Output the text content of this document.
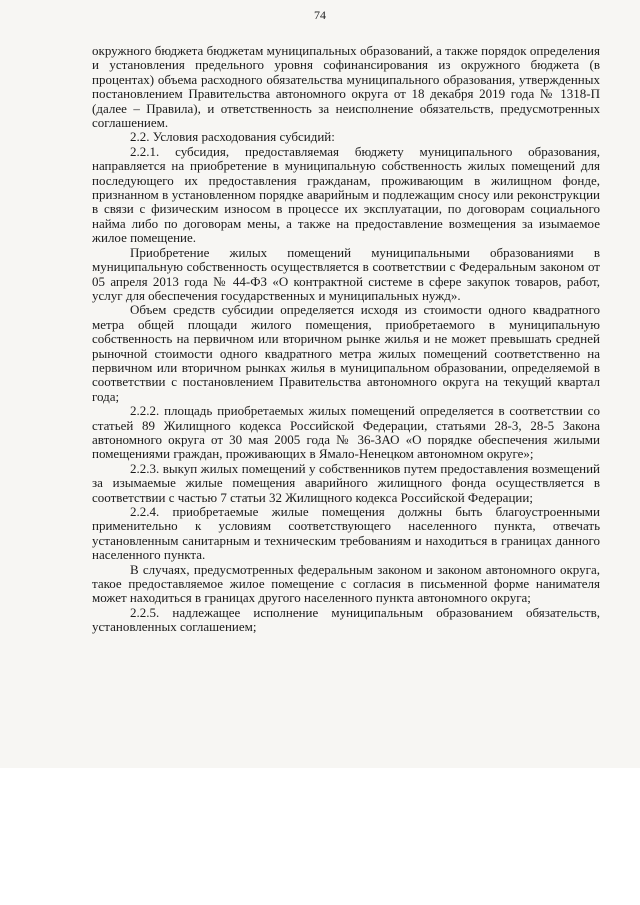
74

окружного бюджета бюджетам муниципальных образований, а также порядок определения и установления предельного уровня софинансирования из окружного бюджета (в процентах) объема расходного обязательства муниципального образования, утвержденных постановлением Правительства автономного округа от 18 декабря 2019 года № 1318-П (далее – Правила), и ответственность за неисполнение обязательств, предусмотренных соглашением.

2.2. Условия расходования субсидий:

2.2.1. субсидия, предоставляемая бюджету муниципального образования, направляется на приобретение в муниципальную собственность жилых помещений для последующего их предоставления гражданам, проживающим в жилищном фонде, признанном в установленном порядке аварийным и подлежащим сносу или реконструкции в связи с физическим износом в процессе их эксплуатации, по договорам социального найма либо по договорам мены, а также на предоставление возмещения за изымаемое жилое помещение.

Приобретение жилых помещений муниципальными образованиями в муниципальную собственность осуществляется в соответствии с Федеральным законом от 05 апреля 2013 года № 44-ФЗ «О контрактной системе в сфере закупок товаров, работ, услуг для обеспечения государственных и муниципальных нужд».

Объем средств субсидии определяется исходя из стоимости одного квадратного метра общей площади жилого помещения, приобретаемого в муниципальную собственность на первичном или вторичном рынке жилья и не может превышать средней рыночной стоимости одного квадратного метра жилых помещений соответственно на первичном или вторичном рынках жилья в муниципальном образовании, определяемой в соответствии с постановлением Правительства автономного округа на текущий квартал года;

2.2.2. площадь приобретаемых жилых помещений определяется в соответствии со статьей 89 Жилищного кодекса Российской Федерации, статьями 28-3, 28-5 Закона автономного округа от 30 мая 2005 года № 36-ЗАО «О порядке обеспечения жилыми помещениями граждан, проживающих в Ямало-Ненецком автономном округе»;

2.2.3. выкуп жилых помещений у собственников путем предоставления возмещений за изымаемые жилые помещения аварийного жилищного фонда осуществляется в соответствии с частью 7 статьи 32 Жилищного кодекса Российской Федерации;

2.2.4. приобретаемые жилые помещения должны быть благоустроенными применительно к условиям соответствующего населенного пункта, отвечать установленным санитарным и техническим требованиям и находиться в границах данного населенного пункта.

В случаях, предусмотренных федеральным законом и законом автономного округа, такое предоставляемое жилое помещение с согласия в письменной форме нанимателя может находиться в границах другого населенного пункта автономного округа;

2.2.5. надлежащее исполнение муниципальным образованием обязательств, установленных соглашением;
